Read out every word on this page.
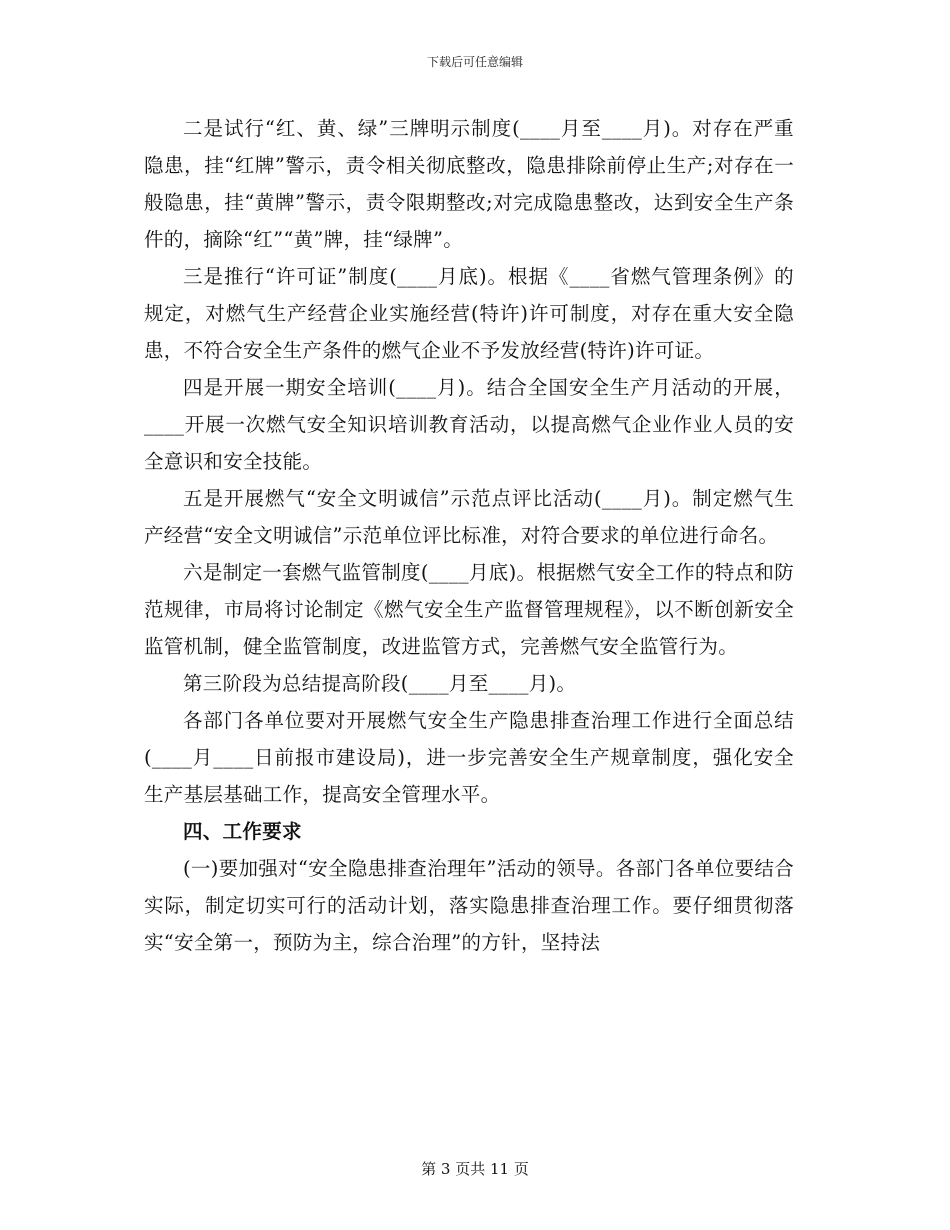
下载后可任意编辑

二是试行“红、黄、绿”三牌明示制度(____月至____月)。对存在严重隐患，挂“红牌”警示，责令相关彻底整改，隐患排除前停止生产;对存在一般隐患，挂“黄牌”警示，责令限期整改;对完成隐患整改，达到安全生产条件的，摘除“红”“黄”牌，挂“绿牌”。

三是推行“许可证”制度(____月底)。根据《____省燃气管理条例》的规定，对燃气生产经营企业实施经营(特许)许可制度，对存在重大安全隐患，不符合安全生产条件的燃气企业不予发放经营(特许)许可证。

四是开展一期安全培训(____月)。结合全国安全生产月活动的开展，____开展一次燃气安全知识培训教育活动，以提高燃气企业作业人员的安全意识和安全技能。

五是开展燃气“安全文明诚信”示范点评比活动(____月)。制定燃气生产经营“安全文明诚信”示范单位评比标准，对符合要求的单位进行命名。

六是制定一套燃气监管制度(____月底)。根据燃气安全工作的特点和防范规律，市局将讨论制定《燃气安全生产监督管理规程》，以不断创新安全监管机制，健全监管制度，改进监管方式，完善燃气安全监管行为。

第三阶段为总结提高阶段(____月至____月)。

各部门各单位要对开展燃气安全生产隐患排查治理工作进行全面总结(____月____日前报市建设局)，进一步完善安全生产规章制度，强化安全生产基层基础工作，提高安全管理水平。

四、工作要求

(一)要加强对“安全隐患排查治理年”活动的领导。各部门各单位要结合实际，制定切实可行的活动计划，落实隐患排查治理工作。要仔细贯彻落实“安全第一，预防为主，综合治理”的方针，坚持法

第 3 页共 11 页
